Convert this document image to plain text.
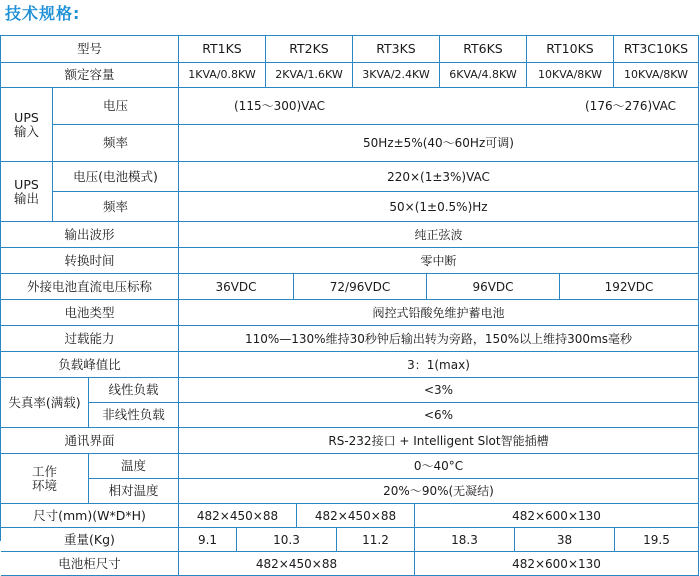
技术规格:
型号	RT1KS	RT2KS	RT3KS	RT6KS	RT10KS	RT3C10KS
额定容量	1KVA/0.8KW	2KVA/1.6KW	3KVA/2.4KW	6KVA/4.8KW	10KVA/8KW	10KVA/8KW
UPS
输入
电压	(115～300)VAC	(176～276)VAC
频率	50Hz±5%(40～60Hz可调)
UPS
输出
电压(电池模式)	220×(1±3%)VAC
频率	50×(1±0.5%)Hz
输出波形	纯正弦波
转换时间	零中断
外接电池直流电压标称	36VDC	72/96VDC	96VDC	192VDC
电池类型	阀控式铅酸免维护蓄电池
过载能力	110%—130%维持30秒钟后输出转为旁路，150%以上维持300ms毫秒
负载峰值比	3：1(max)
失真率(满载)
线性负载	<3%
非线性负载	<6%
通讯界面	RS-232接口 + Intelligent Slot智能插槽
工作
环境
温度	0～40°C
相对温度	20%～90%(无凝结)
尺寸(mm)(W*D*H)	482×450×88	482×450×88	482×600×130
重量(Kg)	9.1	10.3	11.2	18.3	38	19.5
电池柜尺寸	482×450×88	482×600×130
